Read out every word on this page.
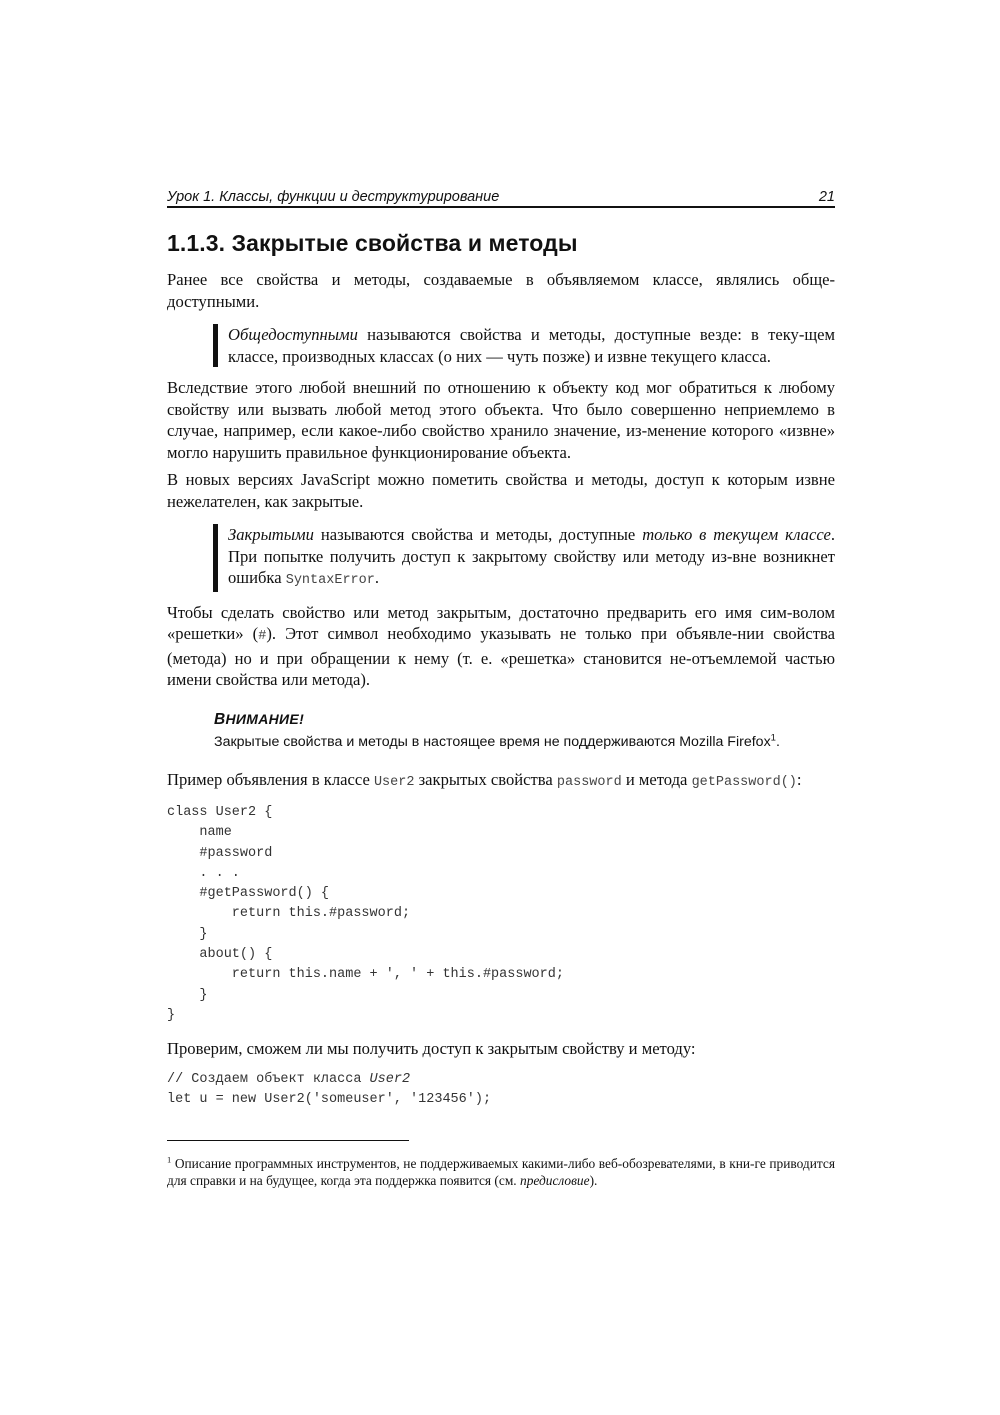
Урок 1. Классы, функции и деструктурирование	21
1.1.3. Закрытые свойства и методы

Ранее все свойства и методы, создаваемые в объявляемом классе, являлись обще-доступными.

Общедоступными называются свойства и методы, доступные везде: в теку-щем классе, производных классах (о них — чуть позже) и извне текущего класса.

Вследствие этого любой внешний по отношению к объекту код мог обратиться к любому свойству или вызвать любой метод этого объекта. Что было совершенно неприемлемо в случае, например, если какое-либо свойство хранило значение, из-менение которого «извне» могло нарушить правильное функционирование объекта.

В новых версиях JavaScript можно пометить свойства и методы, доступ к которым извне нежелателен, как закрытые.

Закрытыми называются свойства и методы, доступные только в текущем классе. При попытке получить доступ к закрытому свойству или методу из-вне возникнет ошибка SyntaxError.

Чтобы сделать свойство или метод закрытым, достаточно предварить его имя сим-волом «решетки» (#). Этот символ необходимо указывать не только при объявле-нии свойства (метода) но и при обращении к нему (т. е. «решетка» становится не-отъемлемой частью имени свойства или метода).

ВНИМАНИЕ!
Закрытые свойства и методы в настоящее время не поддерживаются Mozilla Firefox$^1$.

Пример объявления в классе User2 закрытых свойства password и метода getPassword():

class User2 {
name
#password
. . .
#getPassword() {
return this.#password;
}
about() {
return this.name + ', ' + this.#password;
}
}

Проверим, сможем ли мы получить доступ к закрытым свойству и методу:

// Создаем объект класса User2
let u = new User2('someuser', '123456');
$^1$ Описание программных инструментов, не поддерживаемых какими-либо веб-обозревателями, в кни-ге приводится для справки и на будущее, когда эта поддержка появится (см. предисловие).
